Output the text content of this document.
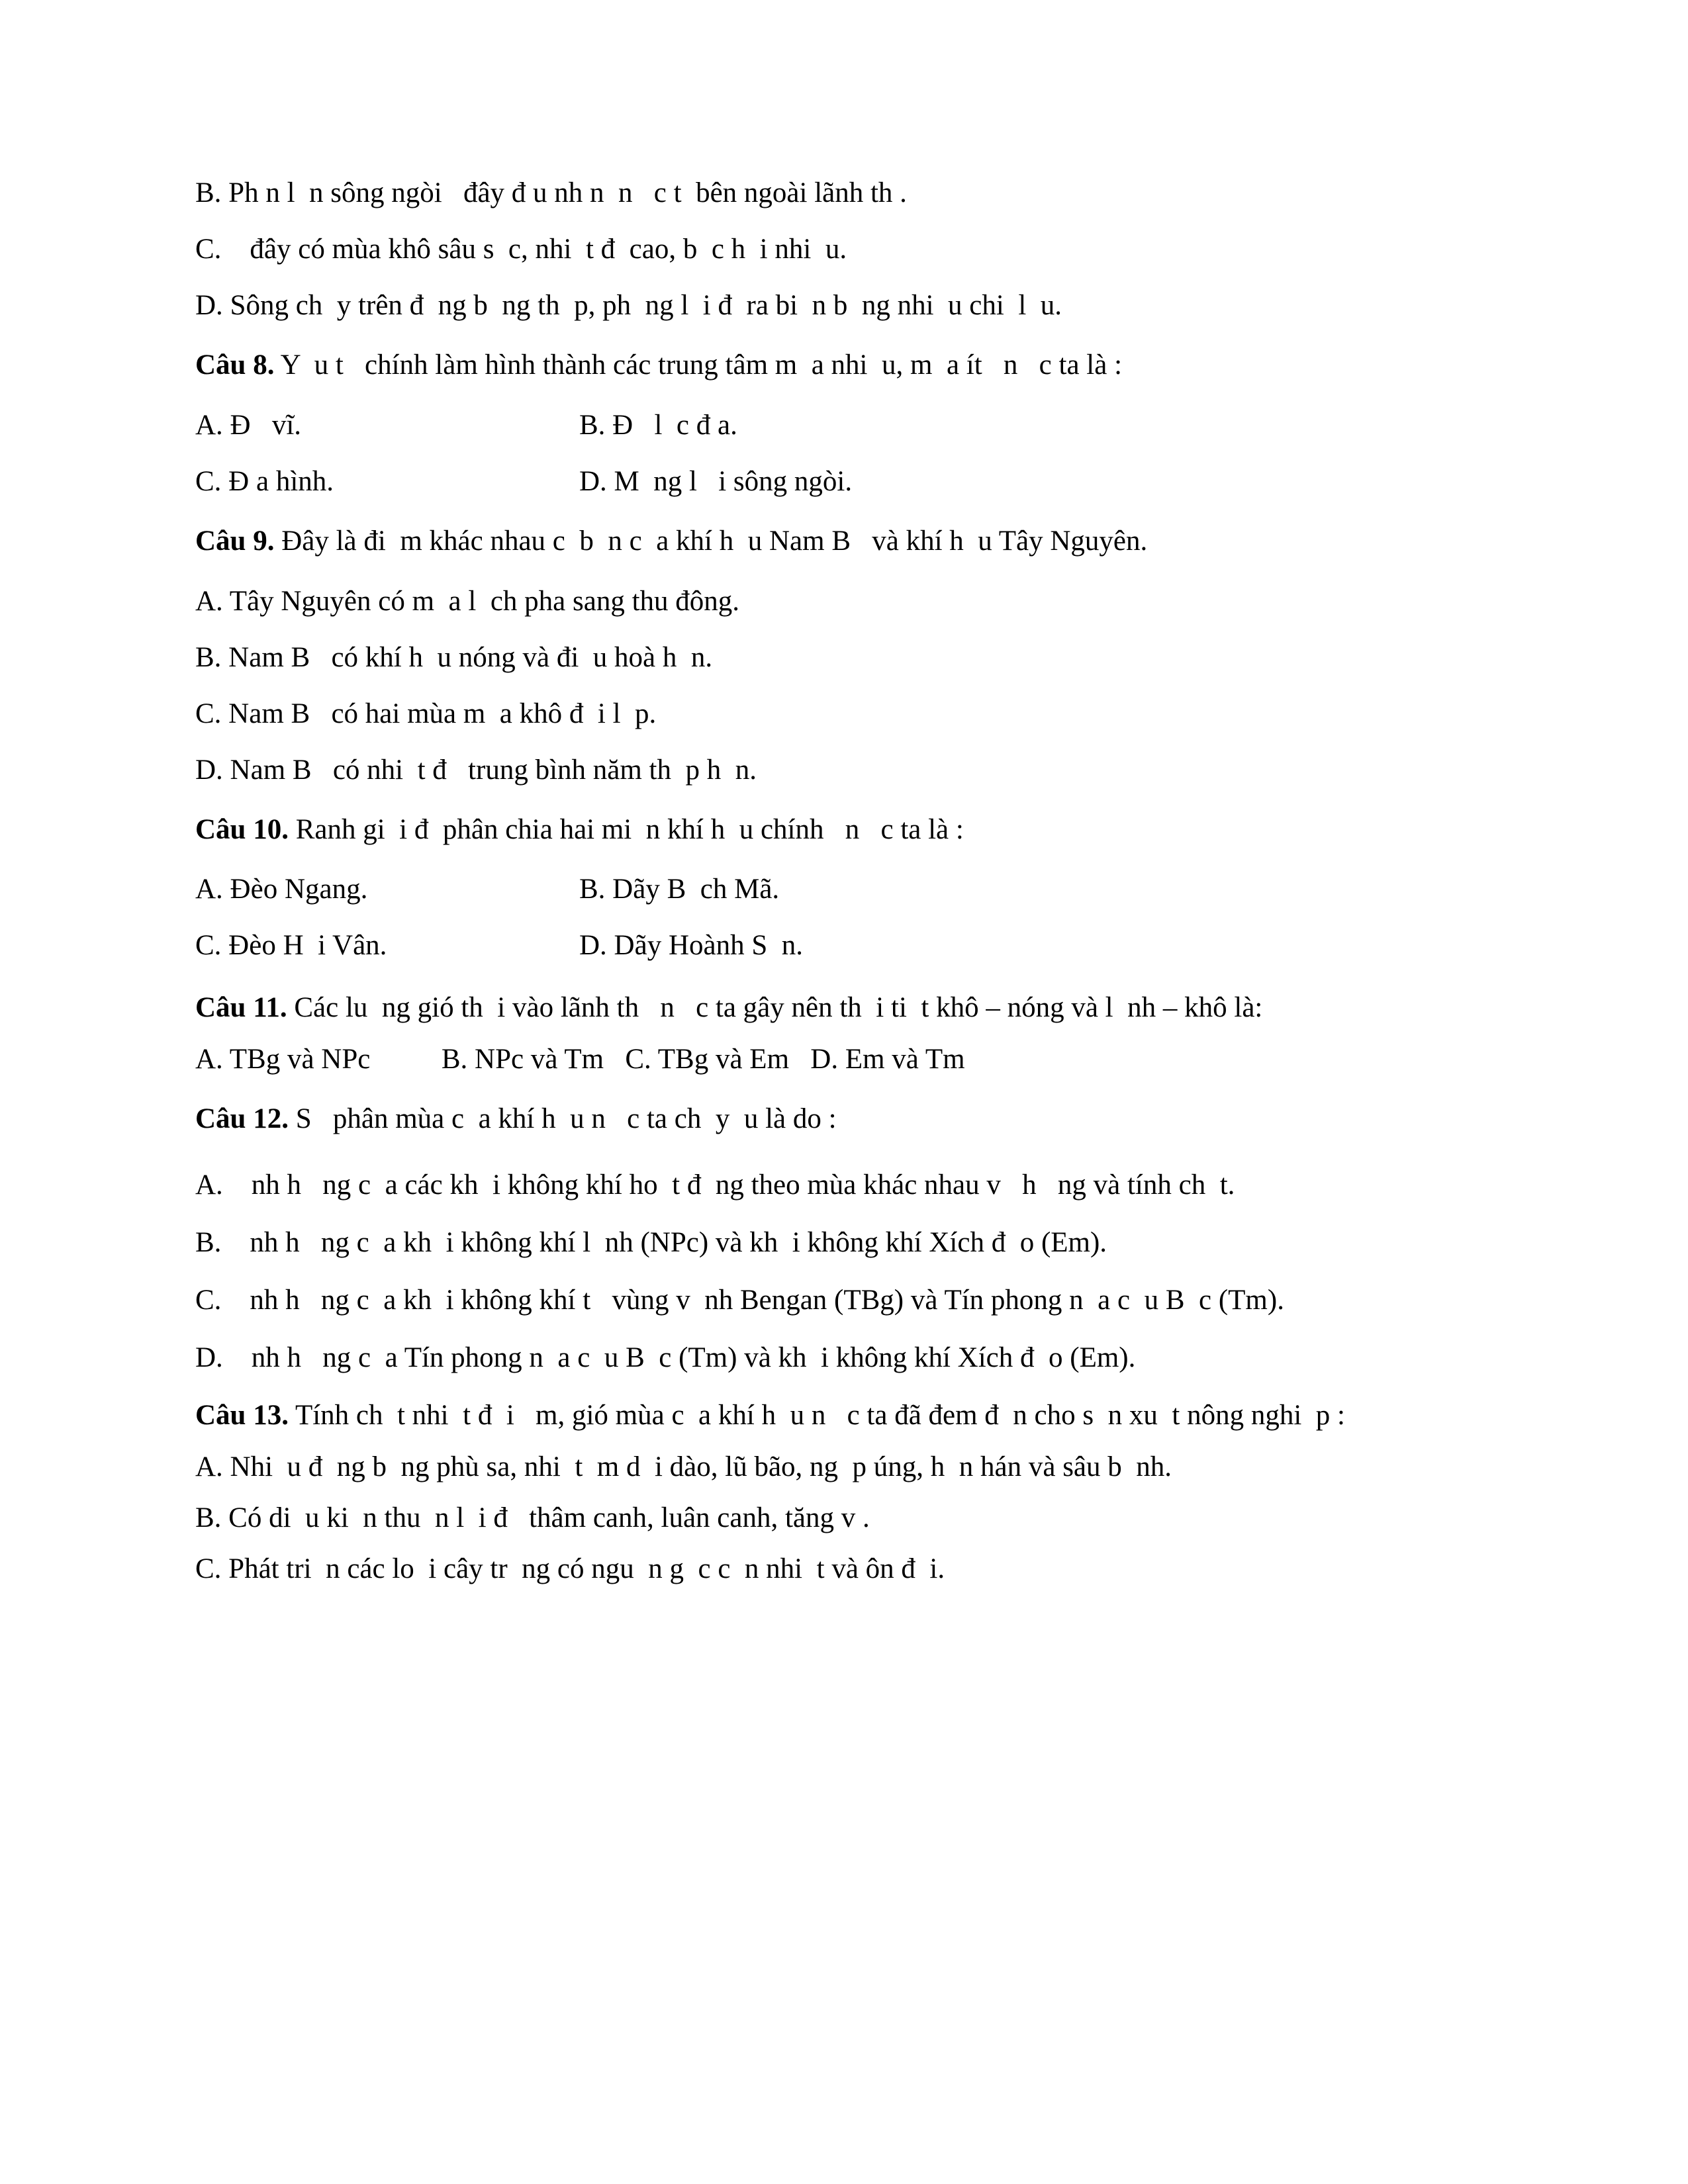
B. Ph n l  n sông ngòi   đây đ u nh n  n   c t  bên ngoài lãnh th .

C.    đây có mùa khô sâu s  c, nhi  t đ  cao, b  c h  i nhi  u.

D. Sông ch  y trên đ  ng b  ng th  p, ph  ng l  i đ  ra bi  n b  ng nhi  u chi  l  u.

Câu 8. Y  u t   chính làm hình thành các trung tâm m  a nhi  u, m  a ít   n   c ta là :

A. Đ   vĩ.	B. Đ   l  c đ a.
C. Đ a hình.	D. M  ng l   i sông ngòi.

Câu 9. Đây là đi  m khác nhau c  b  n c  a khí h  u Nam B   và khí h  u Tây Nguyên.

A. Tây Nguyên có m  a l  ch pha sang thu đông.

B. Nam B   có khí h  u nóng và đi  u hoà h  n.

C. Nam B   có hai mùa m  a khô đ  i l  p.

D. Nam B   có nhi  t đ   trung bình năm th  p h  n.

Câu 10. Ranh gi  i đ  phân chia hai mi  n khí h  u chính   n   c ta là :

A. Đèo Ngang.	B. Dãy B  ch Mã.
C. Đèo H  i Vân.	D. Dãy Hoành S  n.

Câu 11. Các lu  ng gió th  i vào lãnh th   n   c ta gây nên th  i ti  t khô – nóng và l  nh – khô là:

A. TBg và NPc          B. NPc và Tm   C. TBg và Em   D. Em và Tm

Câu 12. S   phân mùa c  a khí h  u n   c ta ch  y  u là do :

A.    nh h   ng c  a các kh  i không khí ho  t đ  ng theo mùa khác nhau v   h   ng và tính ch  t.

B.    nh h   ng c  a kh  i không khí l  nh (NPc) và kh  i không khí Xích đ  o (Em).

C.    nh h   ng c  a kh  i không khí t   vùng v  nh Bengan (TBg) và Tín phong n  a c  u B  c (Tm).

D.    nh h   ng c  a Tín phong n  a c  u B  c (Tm) và kh  i không khí Xích đ  o (Em).

Câu 13. Tính ch  t nhi  t đ  i   m, gió mùa c  a khí h  u n   c ta đã đem đ  n cho s  n xu  t nông nghi  p :

A. Nhi  u đ  ng b  ng phù sa, nhi  t  m d  i dào, lũ bão, ng  p úng, h  n hán và sâu b  nh.

B. Có di  u ki  n thu  n l  i đ   thâm canh, luân canh, tăng v .

C. Phát tri  n các lo  i cây tr  ng có ngu  n g  c c  n nhi  t và ôn đ  i.
